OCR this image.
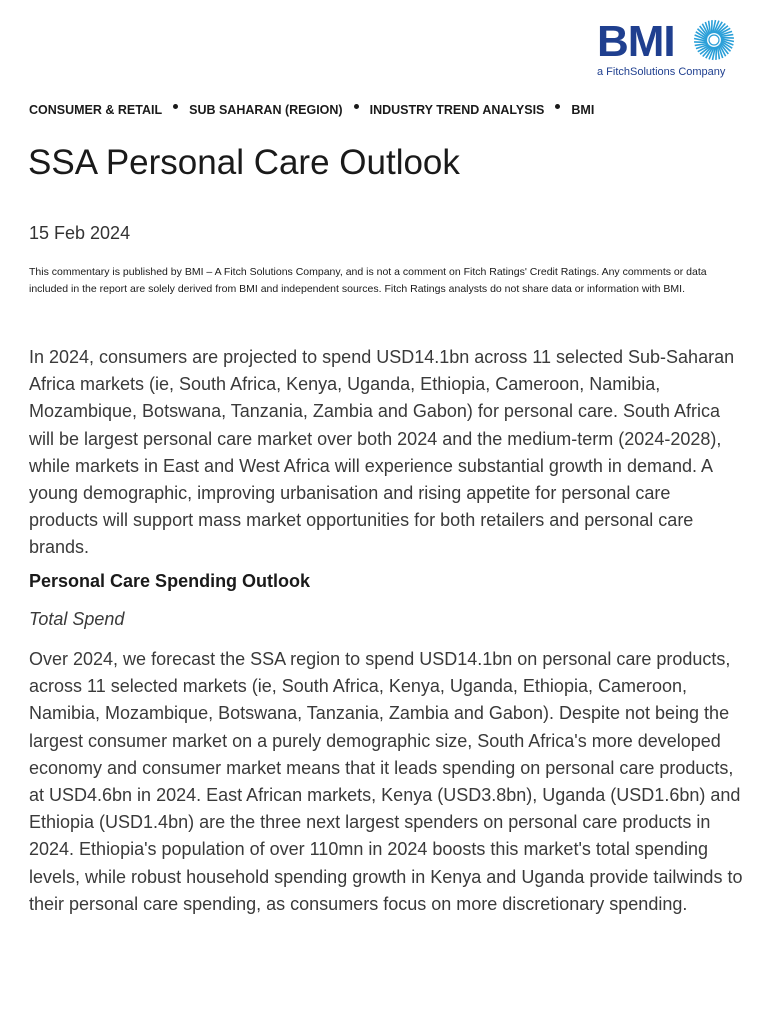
BMI
a FitchSolutions Company
CONSUMER & RETAIL SUB SAHARAN (REGION) INDUSTRY TREND ANALYSIS BMI
SSA Personal Care Outlook
15 Feb 2024

This commentary is published by BMI – A Fitch Solutions Company, and is not a comment on Fitch Ratings' Credit Ratings. Any comments or data included in the report are solely derived from BMI and independent sources. Fitch Ratings analysts do not share data or information with BMI.

In 2024, consumers are projected to spend USD14.1bn across 11 selected Sub-Saharan Africa markets (ie, South Africa, Kenya, Uganda, Ethiopia, Cameroon, Namibia, Mozambique, Botswana, Tanzania, Zambia and Gabon) for personal care. South Africa will be largest personal care market over both 2024 and the medium-term (2024-2028), while markets in East and West Africa will experience substantial growth in demand. A young demographic, improving urbanisation and rising appetite for personal care products will support mass market opportunities for both retailers and personal care brands.

Personal Care Spending Outlook
Total Spend

Over 2024, we forecast the SSA region to spend USD14.1bn on personal care products, across 11 selected markets (ie, South Africa, Kenya, Uganda, Ethiopia, Cameroon, Namibia, Mozambique, Botswana, Tanzania, Zambia and Gabon). Despite not being the largest consumer market on a purely demographic size, South Africa's more developed economy and consumer market means that it leads spending on personal care products, at USD4.6bn in 2024. East African markets, Kenya (USD3.8bn), Uganda (USD1.6bn) and Ethiopia (USD1.4bn) are the three next largest spenders on personal care products in 2024. Ethiopia's population of over 110mn in 2024 boosts this market's total spending levels, while robust household spending growth in Kenya and Uganda provide tailwinds to their personal care spending, as consumers focus on more discretionary spending.
